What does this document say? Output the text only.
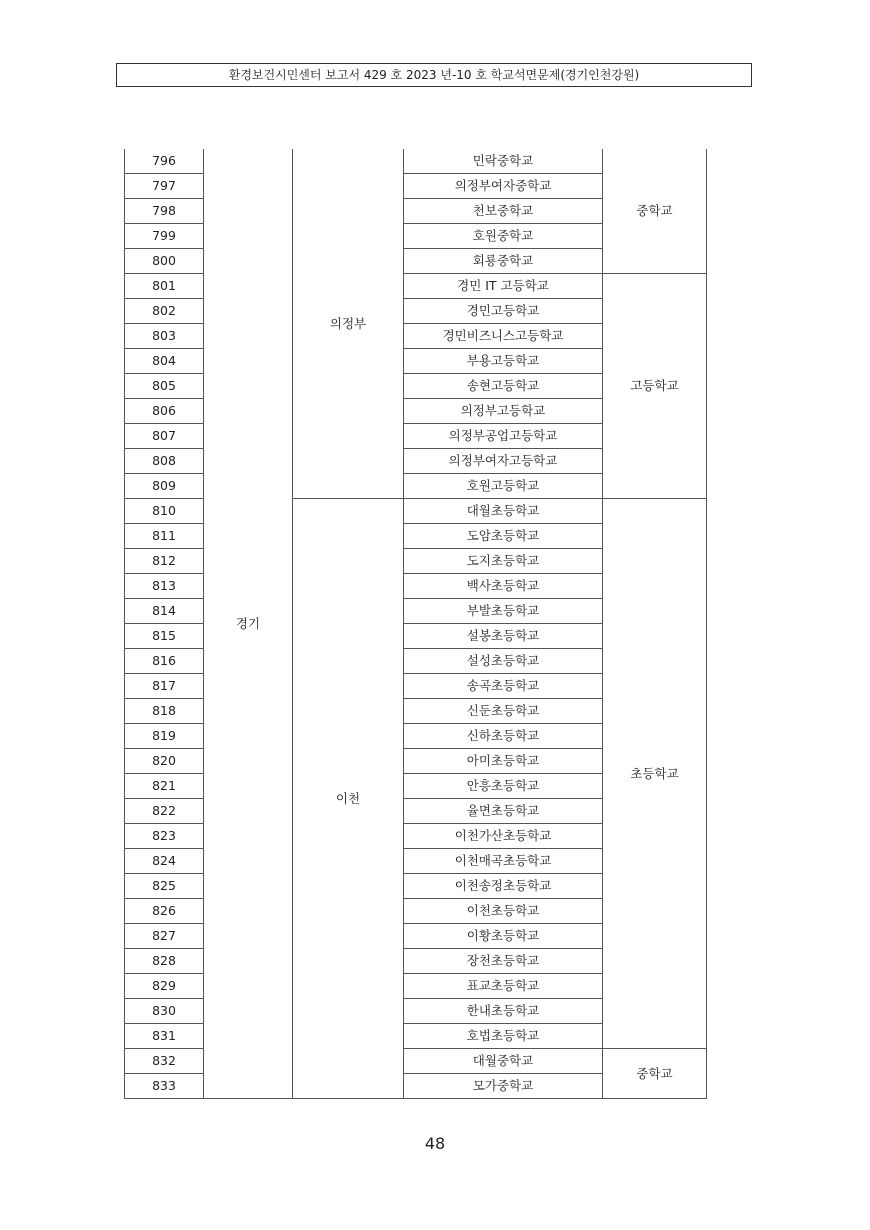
환경보건시민센터 보고서 429 호 2023 년-10 호 학교석면문제(경기인천강원)
796	경기	의정부	민락중학교	중학교
797			의정부여자중학교	
798			천보중학교	
799			호원중학교	
800			회룡중학교	
801			경민 IT 고등학교	고등학교
802			경민고등학교	
803			경민비즈니스고등학교	
804			부용고등학교	
805			송현고등학교	
806			의정부고등학교	
807			의정부공업고등학교	
808			의정부여자고등학교	
809			호원고등학교	
810		이천	대월초등학교	초등학교
811			도암초등학교	
812			도지초등학교	
813			백사초등학교	
814			부발초등학교	
815			설봉초등학교	
816			설성초등학교	
817			송곡초등학교	
818			신둔초등학교	
819			신하초등학교	
820			아미초등학교	
821			안흥초등학교	
822			율면초등학교	
823			이천가산초등학교	
824			이천매곡초등학교	
825			이천송정초등학교	
826			이천초등학교	
827			이황초등학교	
828			장천초등학교	
829			표교초등학교	
830			한내초등학교	
831			호법초등학교	
832			대월중학교	중학교
833			모가중학교	
48
